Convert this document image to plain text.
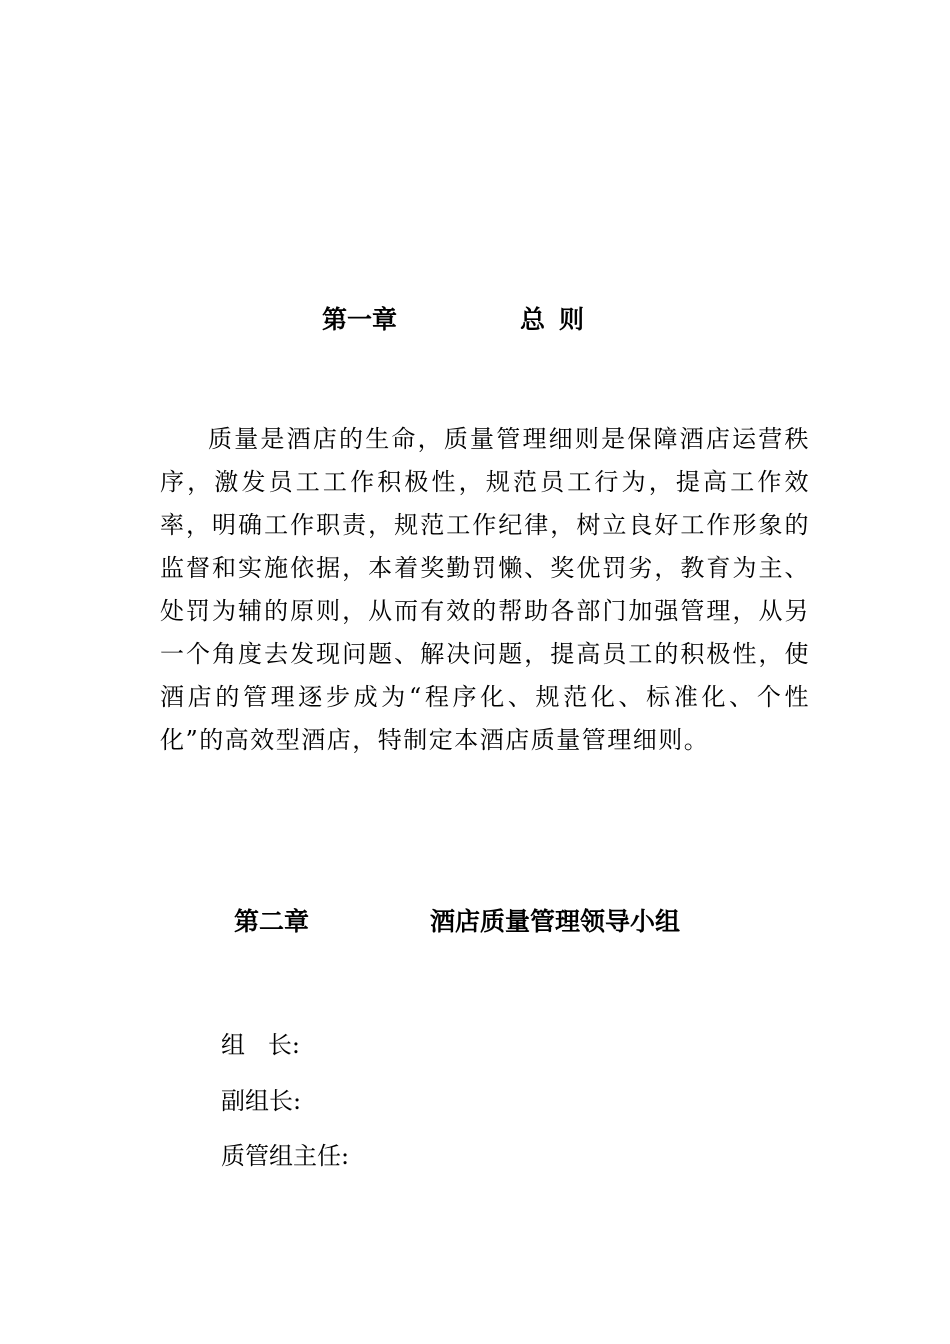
第一章	总则

质量是酒店的生命，质量管理细则是保障酒店运营秩序，激发员工工作积极性，规范员工行为，提高工作效率，明确工作职责，规范工作纪律，树立良好工作形象的监督和实施依据，本着奖勤罚懒、奖优罚劣，教育为主、处罚为辅的原则，从而有效的帮助各部门加强管理，从另一个角度去发现问题、解决问题，提高员工的积极性，使酒店的管理逐步成为“程序化、规范化、标准化、个性化”的高效型酒店，特制定本酒店质量管理细则。

第二章	酒店质量管理领导小组
组   长:
副组长:
质管组主任:
